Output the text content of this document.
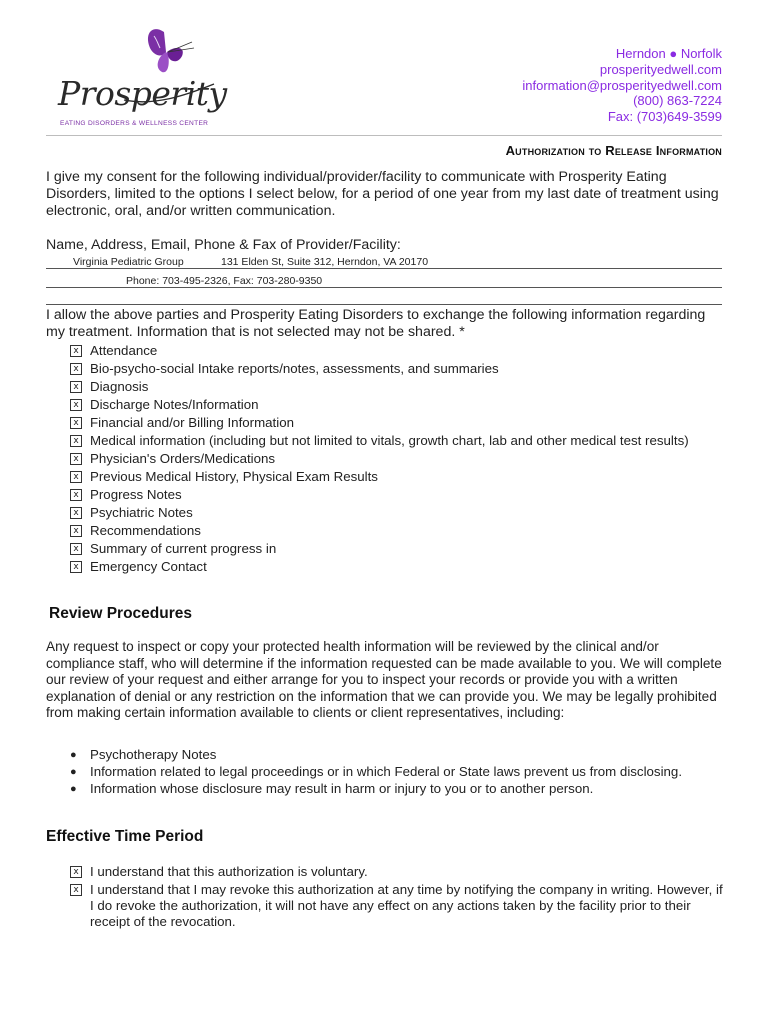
Prosperity
EATING DISORDERS & WELLNESS CENTER
Herndon ● Norfolk
prosperityedwell.com
information@prosperityedwell.com
(800) 863-7224
Fax: (703)649-3599
Authorization to Release Information
I give my consent for the following individual/provider/facility to communicate with Prosperity Eating Disorders, limited to the options I select below, for a period of one year from my last date of treatment using electronic, oral, and/or written communication.
Name, Address, Email, Phone & Fax of Provider/Facility:
Virginia Pediatric Group	131 Elden St, Suite 312, Herndon, VA 20170
Phone: 703-495-2326, Fax: 703-280-9350
I allow the above parties and Prosperity Eating Disorders to exchange the following information regarding my treatment. Information that is not selected may not be shared. *
x Attendance
x Bio-psycho-social Intake reports/notes, assessments, and summaries
x Diagnosis
x Discharge Notes/Information
x Financial and/or Billing Information
x Medical information (including but not limited to vitals, growth chart, lab and other medical test results)
x Physician's Orders/Medications
x Previous Medical History, Physical Exam Results
x Progress Notes
x Psychiatric Notes
x Recommendations
x Summary of current progress in
x Emergency Contact
Review Procedures
Any request to inspect or copy your protected health information will be reviewed by the clinical and/or compliance staff, who will determine if the information requested can be made available to you. We will complete our review of your request and either arrange for you to inspect your records or provide you with a written explanation of denial or any restriction on the information that we can provide you. We may be legally prohibited from making certain information available to clients or client representatives, including:
● Psychotherapy Notes
● Information related to legal proceedings or in which Federal or State laws prevent us from disclosing.
● Information whose disclosure may result in harm or injury to you or to another person.
Effective Time Period
x I understand that this authorization is voluntary.
x I understand that I may revoke this authorization at any time by notifying the company in writing. However, if I do revoke the authorization, it will not have any effect on any actions taken by the facility prior to their receipt of the revocation.
